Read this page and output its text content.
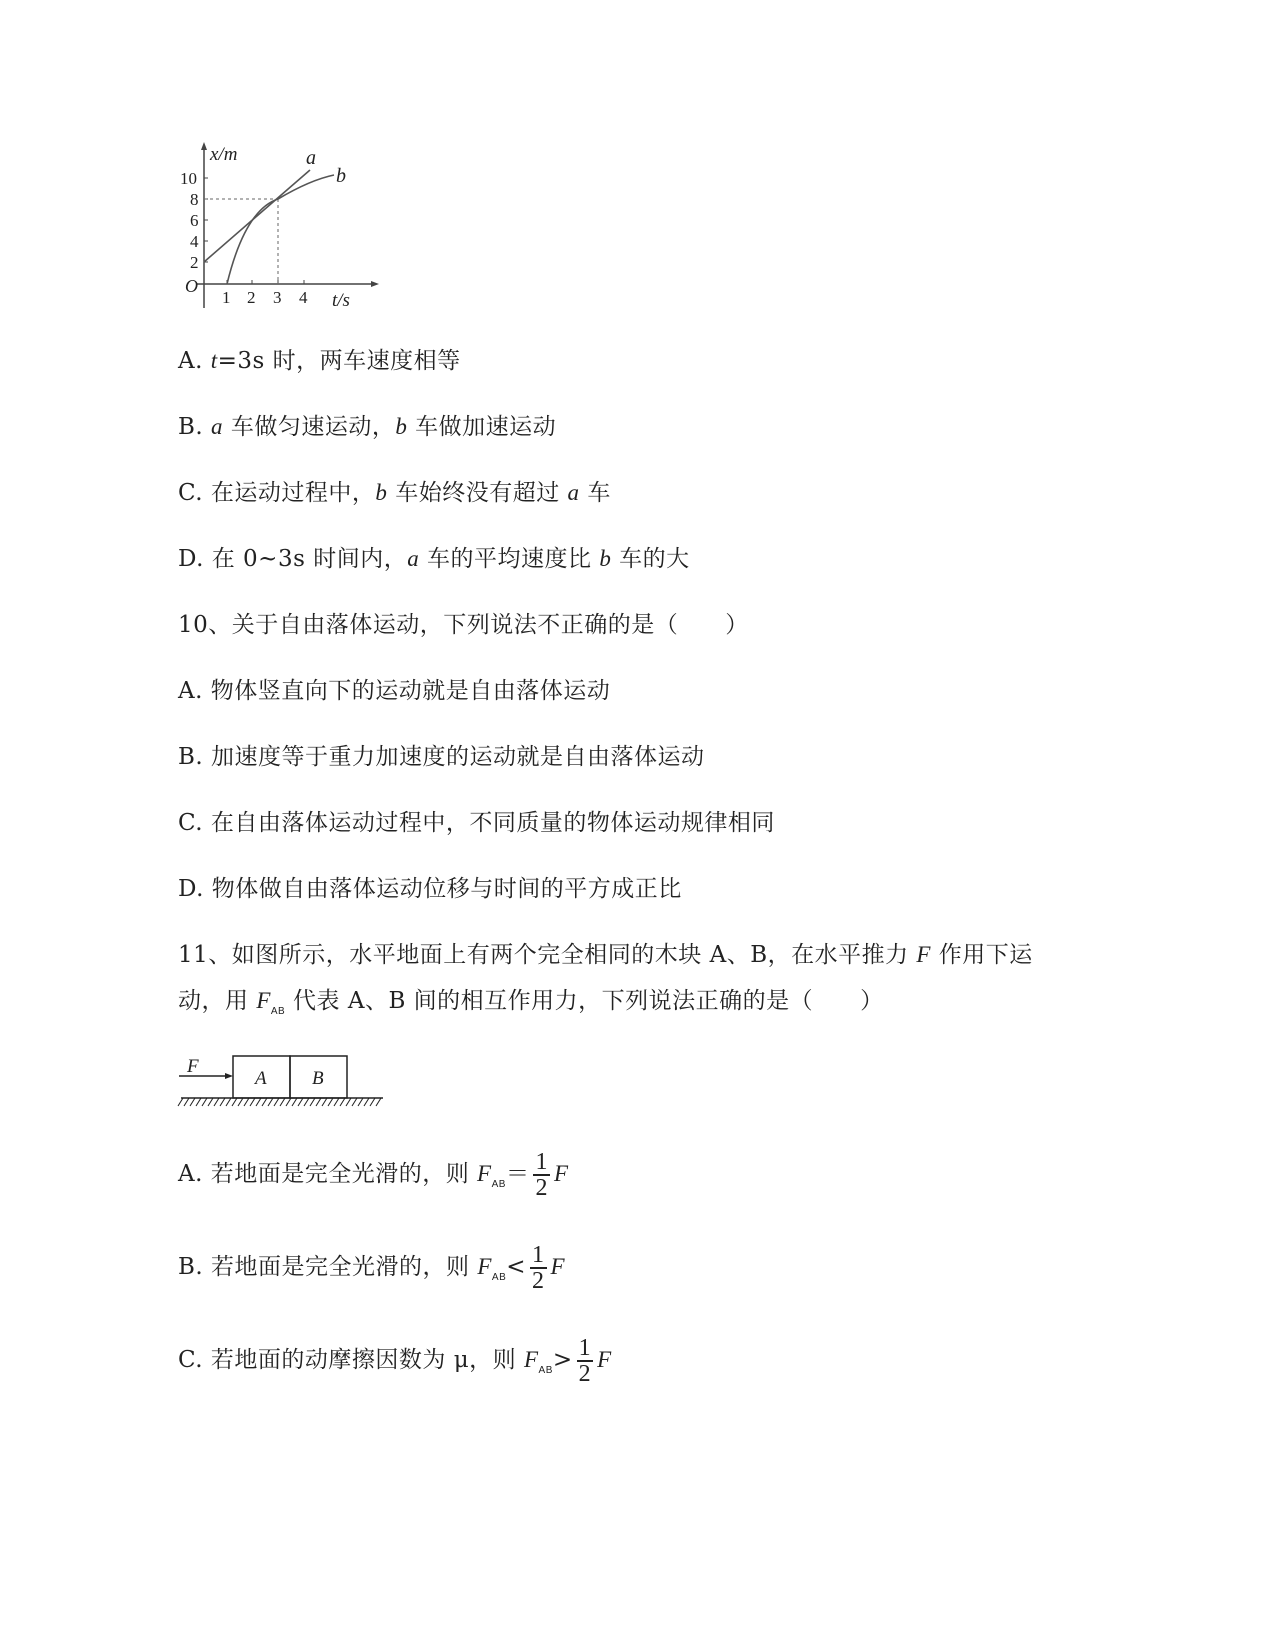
x/m
t/s
O
2
4
6
8
10
1 2 3 4
a
b
A. t=3s 时，两车速度相等
B. a 车做匀速运动，b 车做加速运动
C. 在运动过程中，b 车始终没有超过 a 车
D. 在 0~3s 时间内，a 车的平均速度比 b 车的大
10、关于自由落体运动，下列说法不正确的是（　　）
A. 物体竖直向下的运动就是自由落体运动
B. 加速度等于重力加速度的运动就是自由落体运动
C. 在自由落体运动过程中，不同质量的物体运动规律相同
D. 物体做自由落体运动位移与时间的平方成正比
11、如图所示，水平地面上有两个完全相同的木块 A、B，在水平推力 F 作用下运
动，用 $F_{AB}$ 代表 A、B 间的相互作用力，下列说法正确的是（　　）
F
A B
A. 若地面是完全光滑的，则 $F_{AB}= \frac{1}{2}$ F
B. 若地面是完全光滑的，则 $F_{AB}< \frac{1}{2}$ F
C. 若地面的动摩擦因数为 μ，则 $F_{AB}> \frac{1}{2}$ F
